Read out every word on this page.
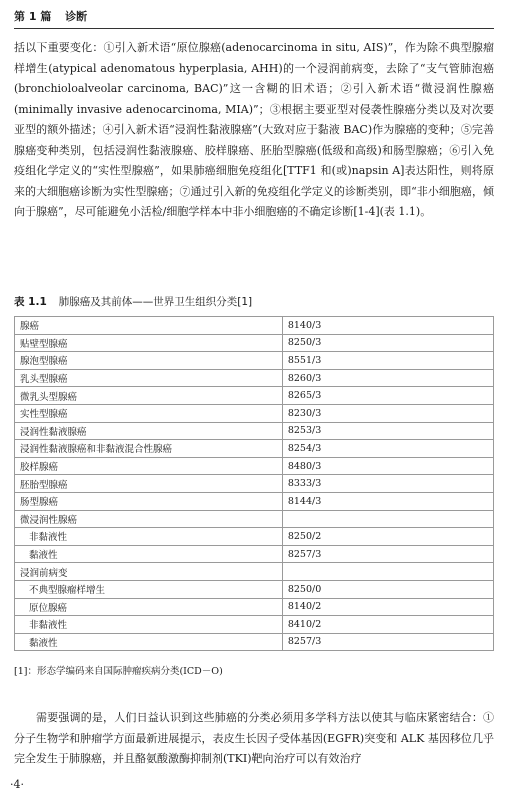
第 1 篇 诊断
括以下重要变化：①引入新术语“原位腺癌(adenocarcinoma in situ, AIS)”，作为除不典型腺瘤样增生(atypical adenomatous hyperplasia, AHH)的一个浸润前病变，去除了“支气管肺泡癌(bronchioloalveolar carcinoma, BAC)”这一含糊的旧术语；②引入新术语“微浸润性腺癌(minimally invasive adenocarcinoma, MIA)”；③根据主要亚型对侵袭性腺癌分类以及对次要亚型的额外描述；④引入新术语“浸润性黏液腺癌”(大致对应于黏液 BAC)作为腺癌的变种；⑤完善腺癌变种类别，包括浸润性黏液腺癌、胶样腺癌、胚胎型腺癌(低级和高级)和肠型腺癌；⑥引入免疫组化学定义的“实性型腺癌”，如果肺癌细胞免疫组化[TTF1 和(或)napsin A]表达阳性，则将原来的大细胞癌诊断为实性型腺癌；⑦通过引入新的免疫组化学定义的诊断类别，即“非小细胞癌，倾向于腺癌”，尽可能避免小活检/细胞学样本中非小细胞癌的不确定诊断[1-4](表 1.1)。
表 1.1 肺腺癌及其前体——世界卫生组织分类[1]
腺癌	8140/3
贴壁型腺癌	8250/3
腺泡型腺癌	8551/3
乳头型腺癌	8260/3
微乳头型腺癌	8265/3
实性型腺癌	8230/3
浸润性黏液腺癌	8253/3
浸润性黏液腺癌和非黏液混合性腺癌	8254/3
胶样腺癌	8480/3
胚胎型腺癌	8333/3
肠型腺癌	8144/3
微浸润性腺癌	
非黏液性	8250/2
黏液性	8257/3
浸润前病变	
不典型腺瘤样增生	8250/0
原位腺癌	8140/2
非黏液性	8410/2
黏液性	8257/3
[1]：形态学编码来自国际肿瘤疾病分类(ICD－O)
需要强调的是，人们日益认识到这些肺癌的分类必须用多学科方法以使其与临床紧密结合：①分子生物学和肿瘤学方面最新进展提示，表皮生长因子受体基因(EGFR)突变和 ALK 基因移位几乎完全发生于肺腺癌，并且酪氨酸激酶抑制剂(TKI)靶向治疗可以有效治疗
·4·
